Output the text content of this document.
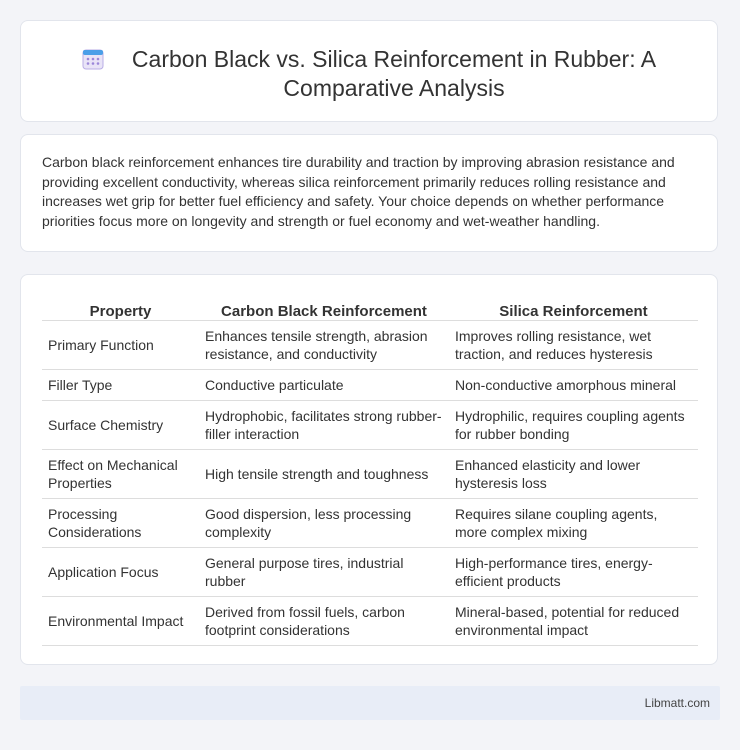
Carbon Black vs. Silica Reinforcement in Rubber: A Comparative Analysis

Carbon black reinforcement enhances tire durability and traction by improving abrasion resistance and providing excellent conductivity, whereas silica reinforcement primarily reduces rolling resistance and increases wet grip for better fuel efficiency and safety. Your choice depends on whether performance priorities focus more on longevity and strength or fuel economy and wet-weather handling.

Property	Carbon Black Reinforcement	Silica Reinforcement
Primary Function	Enhances tensile strength, abrasion resistance, and conductivity	Improves rolling resistance, wet traction, and reduces hysteresis
Filler Type	Conductive particulate	Non-conductive amorphous mineral
Surface Chemistry	Hydrophobic, facilitates strong rubber-filler interaction	Hydrophilic, requires coupling agents for rubber bonding
Effect on Mechanical Properties	High tensile strength and toughness	Enhanced elasticity and lower hysteresis loss
Processing Considerations	Good dispersion, less processing complexity	Requires silane coupling agents, more complex mixing
Application Focus	General purpose tires, industrial rubber	High-performance tires, energy-efficient products
Environmental Impact	Derived from fossil fuels, carbon footprint considerations	Mineral-based, potential for reduced environmental impact
Libmatt.com
